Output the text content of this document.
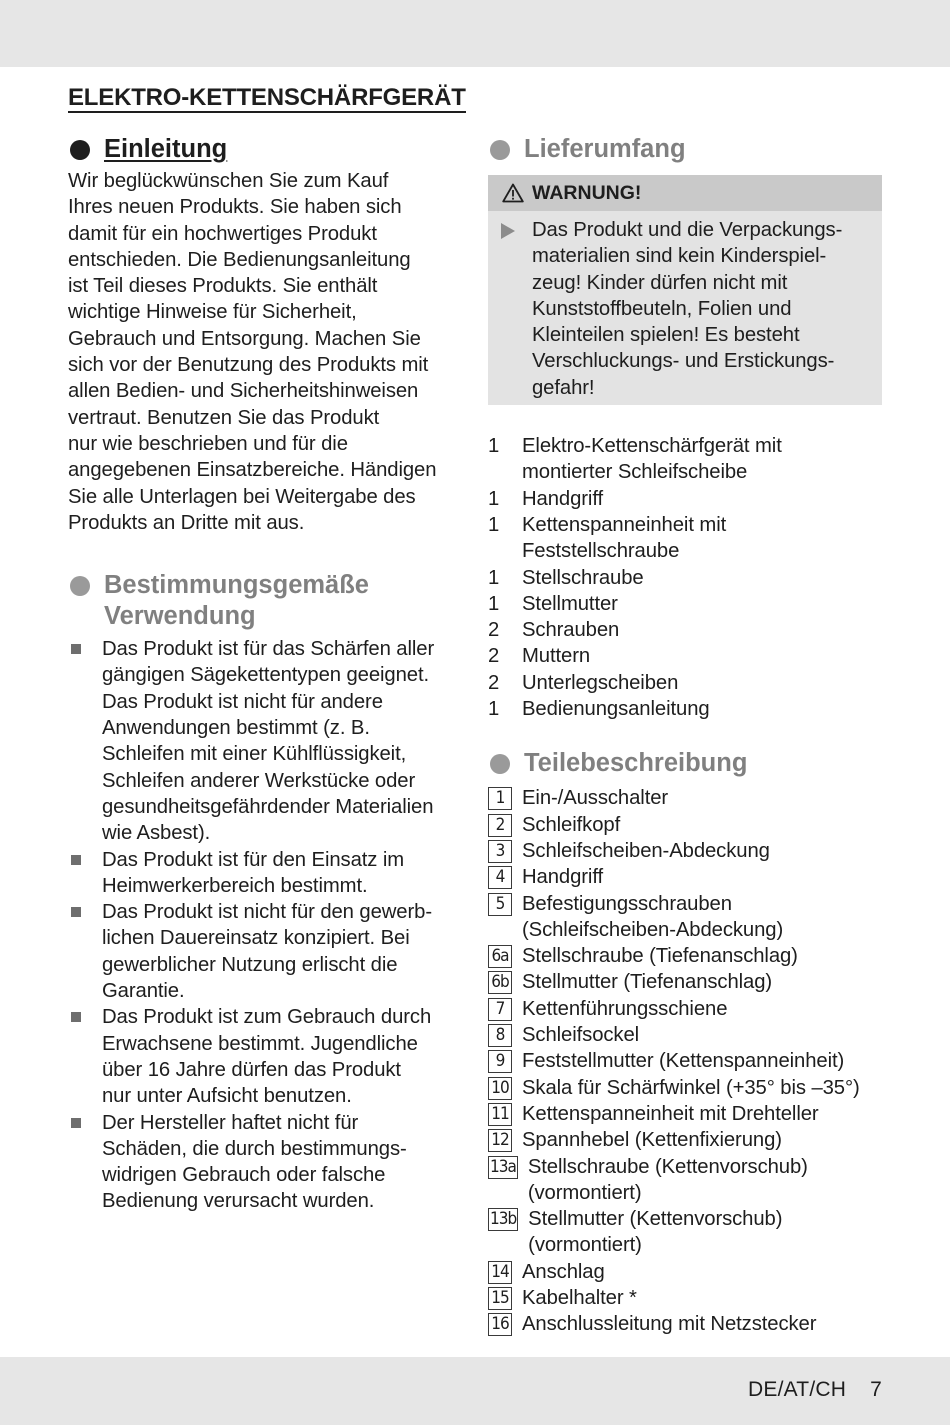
ELEKTRO-KETTENSCHÄRFGERÄT
Einleitung
Wir beglückwünschen Sie zum Kauf
Ihres neuen Produkts. Sie haben sich
damit für ein hochwertiges Produkt
entschieden. Die Bedienungsanleitung
ist Teil dieses Produkts. Sie enthält
wichtige Hinweise für Sicherheit,
Gebrauch und Entsorgung. Machen Sie
sich vor der Benutzung des Produkts mit
allen Bedien- und Sicherheitshinweisen
vertraut. Benutzen Sie das Produkt
nur wie beschrieben und für die
angegebenen Einsatzbereiche. Händigen
Sie alle Unterlagen bei Weitergabe des
Produkts an Dritte mit aus.
Bestimmungsgemäße
Verwendung
Das Produkt ist für das Schärfen aller
gängigen Sägekettentypen geeignet.
Das Produkt ist nicht für andere
Anwendungen bestimmt (z. B.
Schleifen mit einer Kühlflüssigkeit,
Schleifen anderer Werkstücke oder
gesundheitsgefährdender Materialien
wie Asbest).
Das Produkt ist für den Einsatz im
Heimwerkerbereich bestimmt.
Das Produkt ist nicht für den gewerb-
lichen Dauereinsatz konzipiert. Bei
gewerblicher Nutzung erlischt die
Garantie.
Das Produkt ist zum Gebrauch durch
Erwachsene bestimmt. Jugendliche
über 16 Jahre dürfen das Produkt
nur unter Aufsicht benutzen.
Der Hersteller haftet nicht für
Schäden, die durch bestimmungs-
widrigen Gebrauch oder falsche
Bedienung verursacht wurden.
Lieferumfang
WARNUNG!
Das Produkt und die Verpackungs-
materialien sind kein Kinderspiel-
zeug! Kinder dürfen nicht mit
Kunststoffbeuteln, Folien und
Kleinteilen spielen! Es besteht
Verschluckungs- und Erstickungs-
gefahr!
1	Elektro-Kettenschärfgerät mit
montierter Schleifscheibe
1	Handgriff
1	Kettenspanneinheit mit
Feststellschraube
1	Stellschraube
1	Stellmutter
2	Schrauben
2	Muttern
2	Unterlegscheiben
1	Bedienungsanleitung
Teilebeschreibung
1 Ein-/Ausschalter
2 Schleifkopf
3 Schleifscheiben-Abdeckung
4 Handgriff
5 Befestigungsschrauben
(Schleifscheiben-Abdeckung)
6a Stellschraube (Tiefenanschlag)
6b Stellmutter (Tiefenanschlag)
7 Kettenführungsschiene
8 Schleifsockel
9 Feststellmutter (Kettenspanneinheit)
10 Skala für Schärfwinkel (+35° bis –35°)
11 Kettenspanneinheit mit Drehteller
12 Spannhebel (Kettenfixierung)
13a Stellschraube (Kettenvorschub)
(vormontiert)
13b Stellmutter (Kettenvorschub)
(vormontiert)
14 Anschlag
15 Kabelhalter *
16 Anschlussleitung mit Netzstecker
DE/AT/CH 7
